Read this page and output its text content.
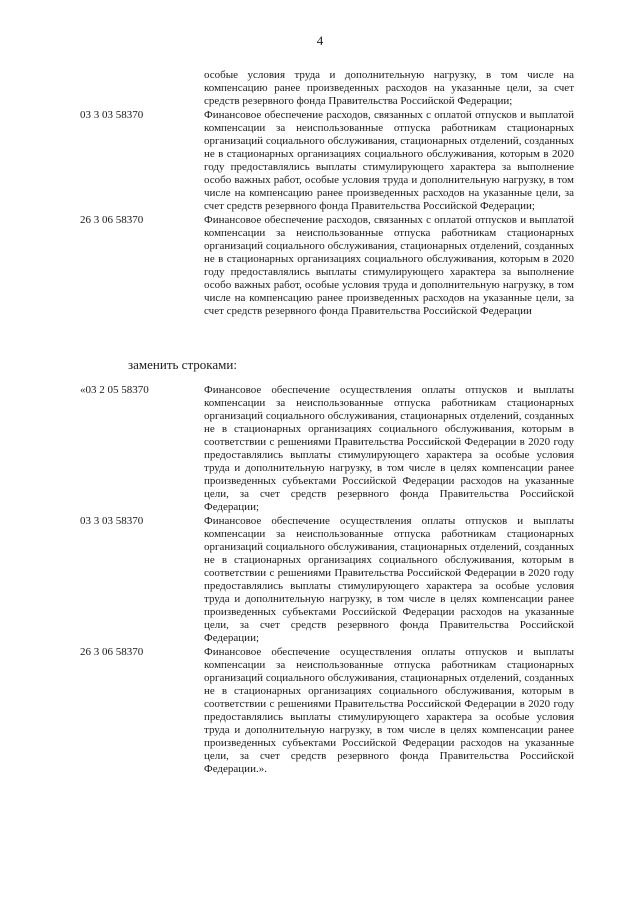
4
особые условия труда и дополнительную нагрузку, в том числе на компенсацию ранее произведенных расходов на указанные цели, за счет средств резервного фонда Правительства Российской Федерации;
03 3 03 58370	Финансовое обеспечение расходов, связанных с оплатой отпусков и выплатой компенсации за неиспользованные отпуска работникам стационарных организаций социального обслуживания, стационарных отделений, созданных не в стационарных организациях социального обслуживания, которым в 2020 году предоставлялись выплаты стимулирующего характера за выполнение особо важных работ, особые условия труда и дополнительную нагрузку, в том числе на компенсацию ранее произведенных расходов на указанные цели, за счет средств резервного фонда Правительства Российской Федерации;
26 3 06 58370	Финансовое обеспечение расходов, связанных с оплатой отпусков и выплатой компенсации за неиспользованные отпуска работникам стационарных организаций социального обслуживания, стационарных отделений, созданных не в стационарных организациях социального обслуживания, которым в 2020 году предоставлялись выплаты стимулирующего характера за выполнение особо важных работ, особые условия труда и дополнительную нагрузку, в том числе на компенсацию ранее произведенных расходов на указанные цели, за счет средств резервного фонда Правительства Российской Федерации
заменить строками:
«03 2 05 58370	Финансовое обеспечение осуществления оплаты отпусков и выплаты компенсации за неиспользованные отпуска работникам стационарных организаций социального обслуживания, стационарных отделений, созданных не в стационарных организациях социального обслуживания, которым в соответствии с решениями Правительства Российской Федерации в 2020 году предоставлялись выплаты стимулирующего характера за особые условия труда и дополнительную нагрузку, в том числе в целях компенсации ранее произведенных субъектами Российской Федерации расходов на указанные цели, за счет средств резервного фонда Правительства Российской Федерации;
03 3 03 58370	Финансовое обеспечение осуществления оплаты отпусков и выплаты компенсации за неиспользованные отпуска работникам стационарных организаций социального обслуживания, стационарных отделений, созданных не в стационарных организациях социального обслуживания, которым в соответствии с решениями Правительства Российской Федерации в 2020 году предоставлялись выплаты стимулирующего характера за особые условия труда и дополнительную нагрузку, в том числе в целях компенсации ранее произведенных субъектами Российской Федерации расходов на указанные цели, за счет средств резервного фонда Правительства Российской Федерации;
26 3 06 58370	Финансовое обеспечение осуществления оплаты отпусков и выплаты компенсации за неиспользованные отпуска работникам стационарных организаций социального обслуживания, стационарных отделений, созданных не в стационарных организациях социального обслуживания, которым в соответствии с решениями Правительства Российской Федерации в 2020 году предоставлялись выплаты стимулирующего характера за особые условия труда и дополнительную нагрузку, в том числе в целях компенсации ранее произведенных субъектами Российской Федерации расходов на указанные цели, за счет средств резервного фонда Правительства Российской Федерации.».
